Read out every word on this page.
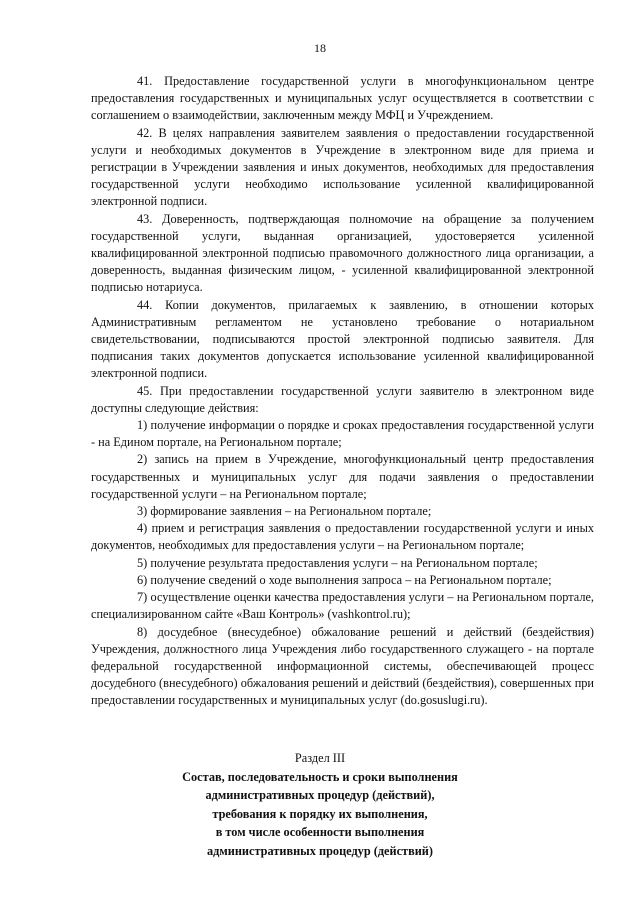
18

41. Предоставление государственной услуги в многофункциональном центре предоставления государственных и муниципальных услуг осуществляется в соответствии с соглашением о взаимодействии, заключенным между МФЦ и Учреждением.

42. В целях направления заявителем заявления о предоставлении государственной услуги и необходимых документов в Учреждение в электронном виде для приема и регистрации в Учреждении заявления и иных документов, необходимых для предоставления государственной услуги необходимо использование усиленной квалифицированной электронной подписи.

43. Доверенность, подтверждающая полномочие на обращение за получением государственной услуги, выданная организацией, удостоверяется усиленной квалифицированной электронной подписью правомочного должностного лица организации, а доверенность, выданная физическим лицом, - усиленной квалифицированной электронной подписью нотариуса.

44. Копии документов, прилагаемых к заявлению, в отношении которых Административным регламентом не установлено требование о нотариальном свидетельствовании, подписываются простой электронной подписью заявителя. Для подписания таких документов допускается использование усиленной квалифицированной электронной подписи.

45. При предоставлении государственной услуги заявителю в электронном виде доступны следующие действия:

1) получение информации о порядке и сроках предоставления государственной услуги - на Едином портале, на Региональном портале;

2) запись на прием в Учреждение, многофункциональный центр предоставления государственных и муниципальных услуг для подачи заявления о предоставлении государственной услуги – на Региональном портале;

3) формирование заявления – на Региональном портале;

4) прием и регистрация заявления о предоставлении государственной услуги и иных документов, необходимых для предоставления услуги – на Региональном портале;

5) получение результата предоставления услуги – на Региональном портале;

6) получение сведений о ходе выполнения запроса – на Региональном портале;

7) осуществление оценки качества предоставления услуги – на Региональном портале, специализированном сайте «Ваш Контроль» (vashkontrol.ru);

8) досудебное (внесудебное) обжалование решений и действий (бездействия) Учреждения, должностного лица Учреждения либо государственного служащего - на портале федеральной государственной информационной системы, обеспечивающей процесс досудебного (внесудебного) обжалования решений и действий (бездействия), совершенных при предоставлении государственных и муниципальных услуг (do.gosuslugi.ru).

Раздел III

Состав, последовательность и сроки выполнения
административных процедур (действий),
требования к порядку их выполнения,
в том числе особенности выполнения
административных процедур (действий)
